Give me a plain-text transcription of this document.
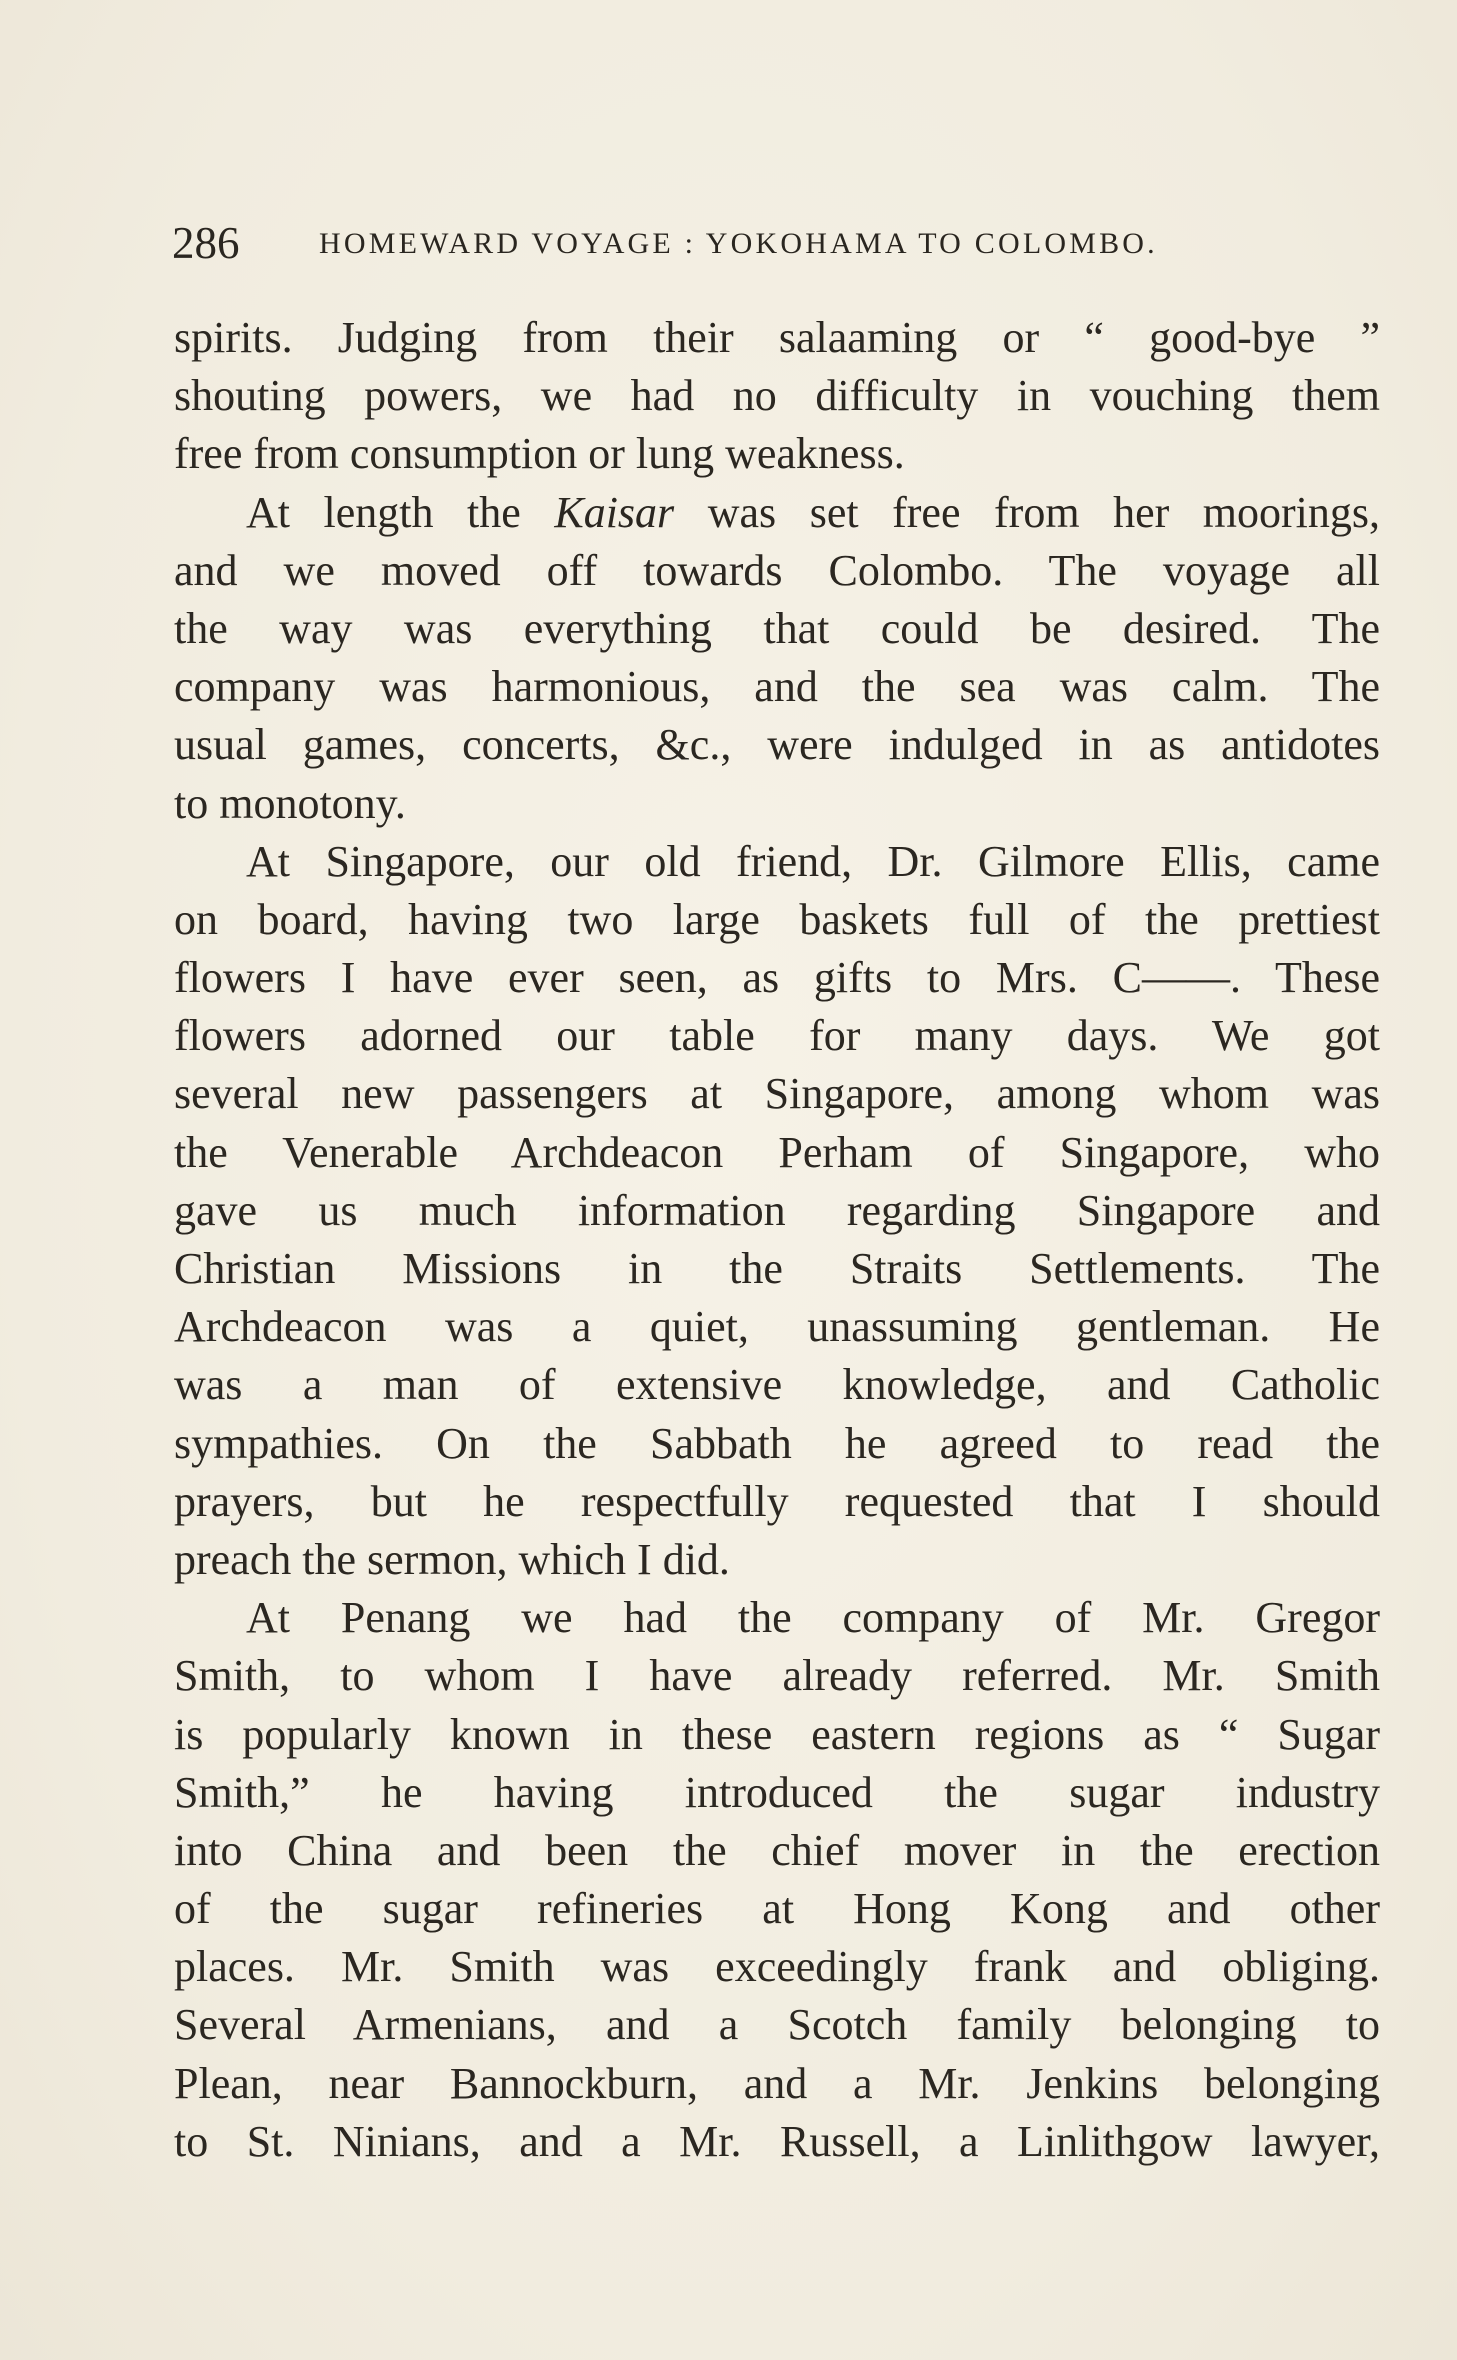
286	HOMEWARD VOYAGE : YOKOHAMA TO COLOMBO.
spirits. Judging from their salaaming or “ good-bye ”
shouting powers, we had no difficulty in vouching them
free from consumption or lung weakness.
At length the Kaisar was set free from her moorings,
and we moved off towards Colombo. The voyage all
the way was everything that could be desired. The
company was harmonious, and the sea was calm. The
usual games, concerts, &c., were indulged in as antidotes
to monotony.
At Singapore, our old friend, Dr. Gilmore Ellis, came
on board, having two large baskets full of the prettiest
flowers I have ever seen, as gifts to Mrs. C——. These
flowers adorned our table for many days. We got
several new passengers at Singapore, among whom was
the Venerable Archdeacon Perham of Singapore, who
gave us much information regarding Singapore and
Christian Missions in the Straits Settlements. The
Archdeacon was a quiet, unassuming gentleman. He
was a man of extensive knowledge, and Catholic
sympathies. On the Sabbath he agreed to read the
prayers, but he respectfully requested that I should
preach the sermon, which I did.
At Penang we had the company of Mr. Gregor
Smith, to whom I have already referred. Mr. Smith
is popularly known in these eastern regions as “ Sugar
Smith,” he having introduced the sugar industry
into China and been the chief mover in the erection
of the sugar refineries at Hong Kong and other
places. Mr. Smith was exceedingly frank and obliging.
Several Armenians, and a Scotch family belonging to
Plean, near Bannockburn, and a Mr. Jenkins belonging
to St. Ninians, and a Mr. Russell, a Linlithgow lawyer,
